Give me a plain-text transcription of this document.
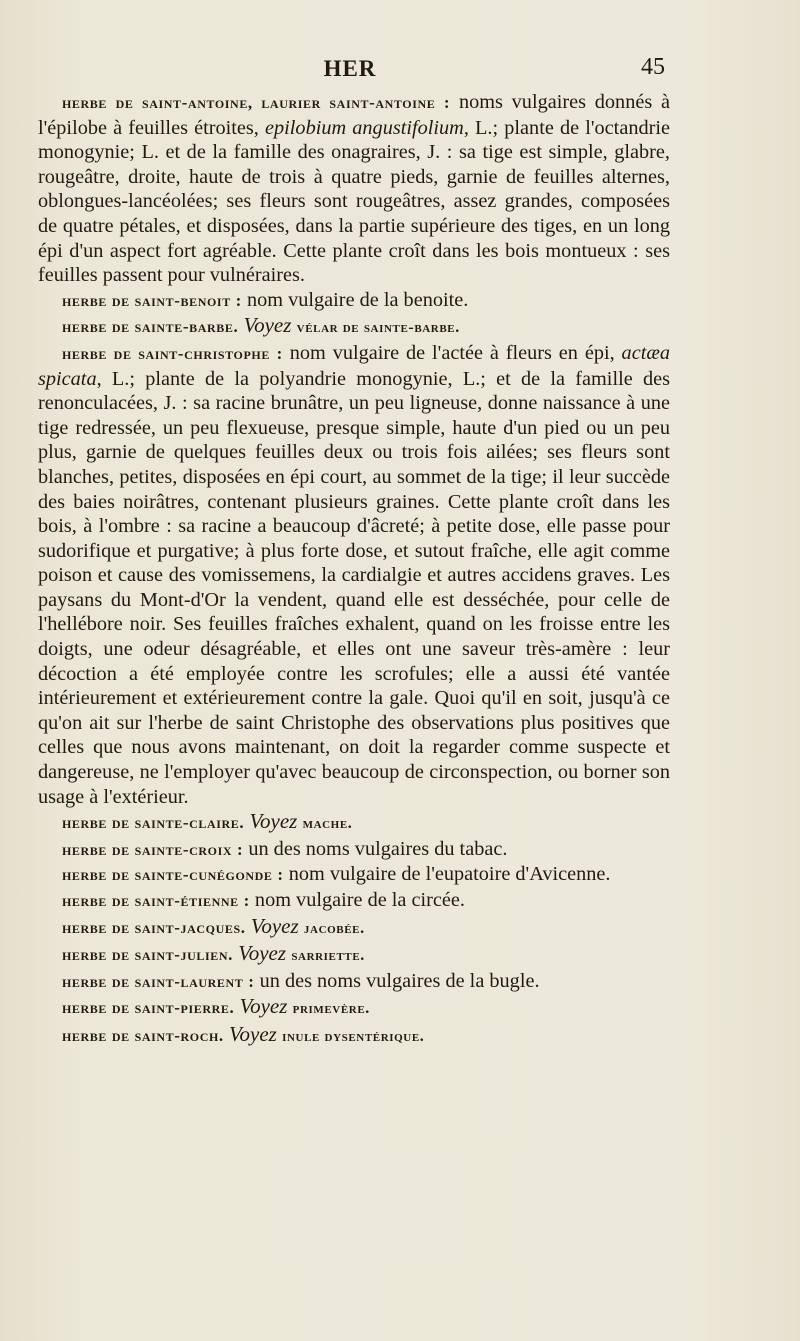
HER	45

herbe de saint-antoine, laurier saint-antoine : noms vulgaires donnés à l'épilobe à feuilles étroites, epilobium angustifolium, L.; plante de l'octandrie monogynie; L. et de la famille des onagraires, J. : sa tige est simple, glabre, rougeâtre, droite, haute de trois à quatre pieds, garnie de feuilles alternes, oblongues-lancéolées; ses fleurs sont rougeâtres, assez grandes, composées de quatre pétales, et disposées, dans la partie supérieure des tiges, en un long épi d'un aspect fort agréable. Cette plante croît dans les bois montueux : ses feuilles passent pour vulnéraires.

herbe de saint-benoit : nom vulgaire de la benoite.

herbe de sainte-barbe. Voyez vélar de sainte-barbe.

herbe de saint-christophe : nom vulgaire de l'actée à fleurs en épi, actæa spicata, L.; plante de la polyandrie monogynie, L.; et de la famille des renonculacées, J. : sa racine brunâtre, un peu ligneuse, donne naissance à une tige redressée, un peu flexueuse, presque simple, haute d'un pied ou un peu plus, garnie de quelques feuilles deux ou trois fois ailées; ses fleurs sont blanches, petites, disposées en épi court, au sommet de la tige; il leur succède des baies noirâtres, contenant plusieurs graines. Cette plante croît dans les bois, à l'ombre : sa racine a beaucoup d'âcreté; à petite dose, elle passe pour sudorifique et purgative; à plus forte dose, et sutout fraîche, elle agit comme poison et cause des vomissemens, la cardialgie et autres accidens graves. Les paysans du Mont-d'Or la vendent, quand elle est desséchée, pour celle de l'hellébore noir. Ses feuilles fraîches exhalent, quand on les froisse entre les doigts, une odeur désagréable, et elles ont une saveur très-amère : leur décoction a été employée contre les scrofules; elle a aussi été vantée intérieurement et extérieurement contre la gale. Quoi qu'il en soit, jusqu'à ce qu'on ait sur l'herbe de saint Christophe des observations plus positives que celles que nous avons maintenant, on doit la regarder comme suspecte et dangereuse, ne l'employer qu'avec beaucoup de circonspection, ou borner son usage à l'extérieur.

herbe de sainte-claire. Voyez mache.

herbe de sainte-croix : un des noms vulgaires du tabac.

herbe de sainte-cunégonde : nom vulgaire de l'eupatoire d'Avicenne.

herbe de saint-étienne : nom vulgaire de la circée.

herbe de saint-jacques. Voyez jacobée.

herbe de saint-julien. Voyez sarriette.

herbe de saint-laurent : un des noms vulgaires de la bugle.

herbe de saint-pierre. Voyez primevère.

herbe de saint-roch. Voyez inule dysentérique.
